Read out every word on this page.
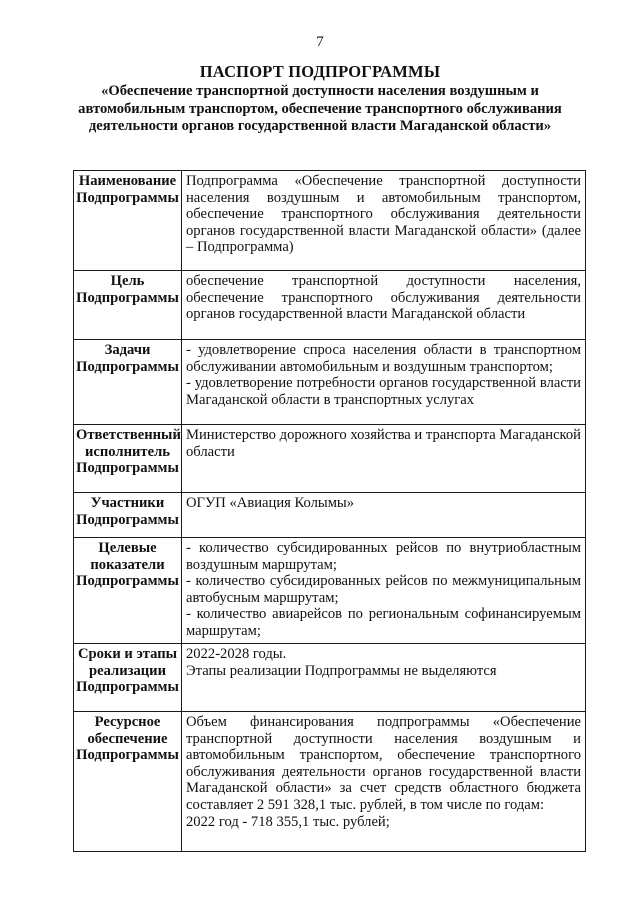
7
ПАСПОРТ ПОДПРОГРАММЫ
«Обеспечение транспортной доступности населения воздушным и автомобильным транспортом, обеспечение транспортного обслуживания деятельности органов государственной власти Магаданской области»
Наименование Подпрограммы	Подпрограмма «Обеспечение транспортной доступности населения воздушным и автомобильным транспортом, обеспечение транспортного обслуживания деятельности органов государственной власти Магаданской области» (далее – Подпрограмма)

Цель Подпрограммы	обеспечение транспортной доступности населения, обеспечение транспортного обслуживания деятельности органов государственной власти Магаданской области

Задачи Подпрограммы	- удовлетворение спроса населения области в транспортном обслуживании автомобильным и воздушным транспортом;
- удовлетворение потребности органов государственной власти Магаданской области в транспортных услугах

Ответственный исполнитель Подпрограммы	Министерство дорожного хозяйства и транспорта Магаданской области

Участники Подпрограммы	ОГУП «Авиация Колымы»

Целевые показатели Подпрограммы	- количество субсидированных рейсов по внутриобластным воздушным маршрутам;
- количество субсидированных рейсов по межмуниципальным автобусным маршрутам;
- количество авиарейсов по региональным софинансируемым маршрутам;

Сроки и этапы реализации Подпрограммы	2022-2028 годы.
Этапы реализации Подпрограммы не выделяются

Ресурсное обеспечение Подпрограммы	Объем финансирования подпрограммы «Обеспечение транспортной доступности населения воздушным и автомобильным транспортом, обеспечение транспортного обслуживания деятельности органов государственной власти Магаданской области» за счет средств областного бюджета составляет 2 591 328,1 тыс. рублей, в том числе по годам:
2022 год - 718 355,1 тыс. рублей;
